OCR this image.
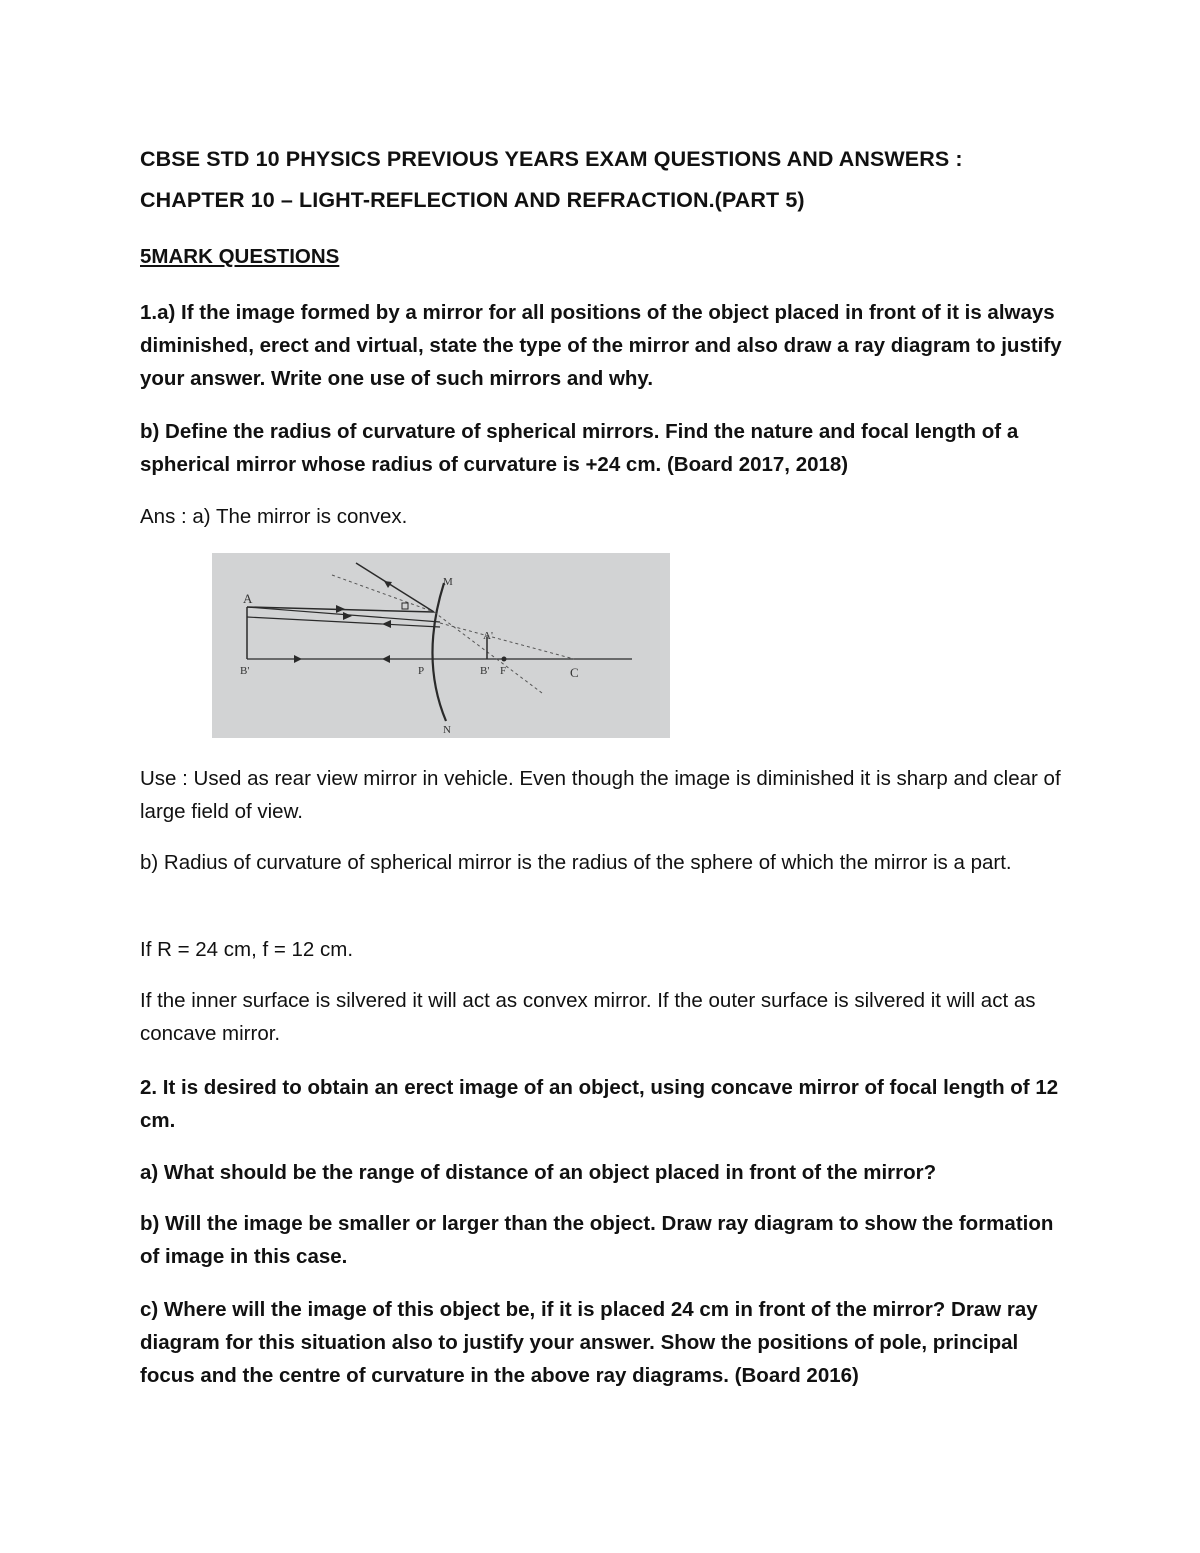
CBSE STD 10 PHYSICS PREVIOUS YEARS EXAM QUESTIONS AND ANSWERS :

CHAPTER 10 – LIGHT-REFLECTION AND REFRACTION.(PART 5)

5MARK QUESTIONS

1.a) If the image formed by a mirror for all positions of the object placed in front of it is always diminished, erect and virtual, state the type of the mirror and also draw a ray diagram to justify your answer. Write one use of such mirrors and why.

b) Define the radius of curvature of spherical mirrors. Find the nature and focal length of a spherical mirror whose radius of curvature is +24 cm. (Board 2017, 2018)

Ans : a) The mirror is convex.

A
B'
M
A'
P	B' F	C
N

Use : Used as rear view mirror in vehicle. Even though the image is diminished it is sharp and clear of large field of view.

b) Radius of curvature of spherical mirror is the radius of the sphere of which the mirror is a part.

If R = 24 cm, f = 12 cm.

If the inner surface is silvered it will act as convex mirror. If the outer surface is silvered it will act as concave mirror.

2. It is desired to obtain an erect image of an object, using concave mirror of focal length of 12 cm.

a) What should be the range of distance of an object placed in front of the mirror?

b) Will the image be smaller or larger than the object. Draw ray diagram to show the formation of image in this case.

c) Where will the image of this object be, if it is placed 24 cm in front of the mirror? Draw ray diagram for this situation also to justify your answer. Show the positions of pole, principal focus and the centre of curvature in the above ray diagrams. (Board 2016)
